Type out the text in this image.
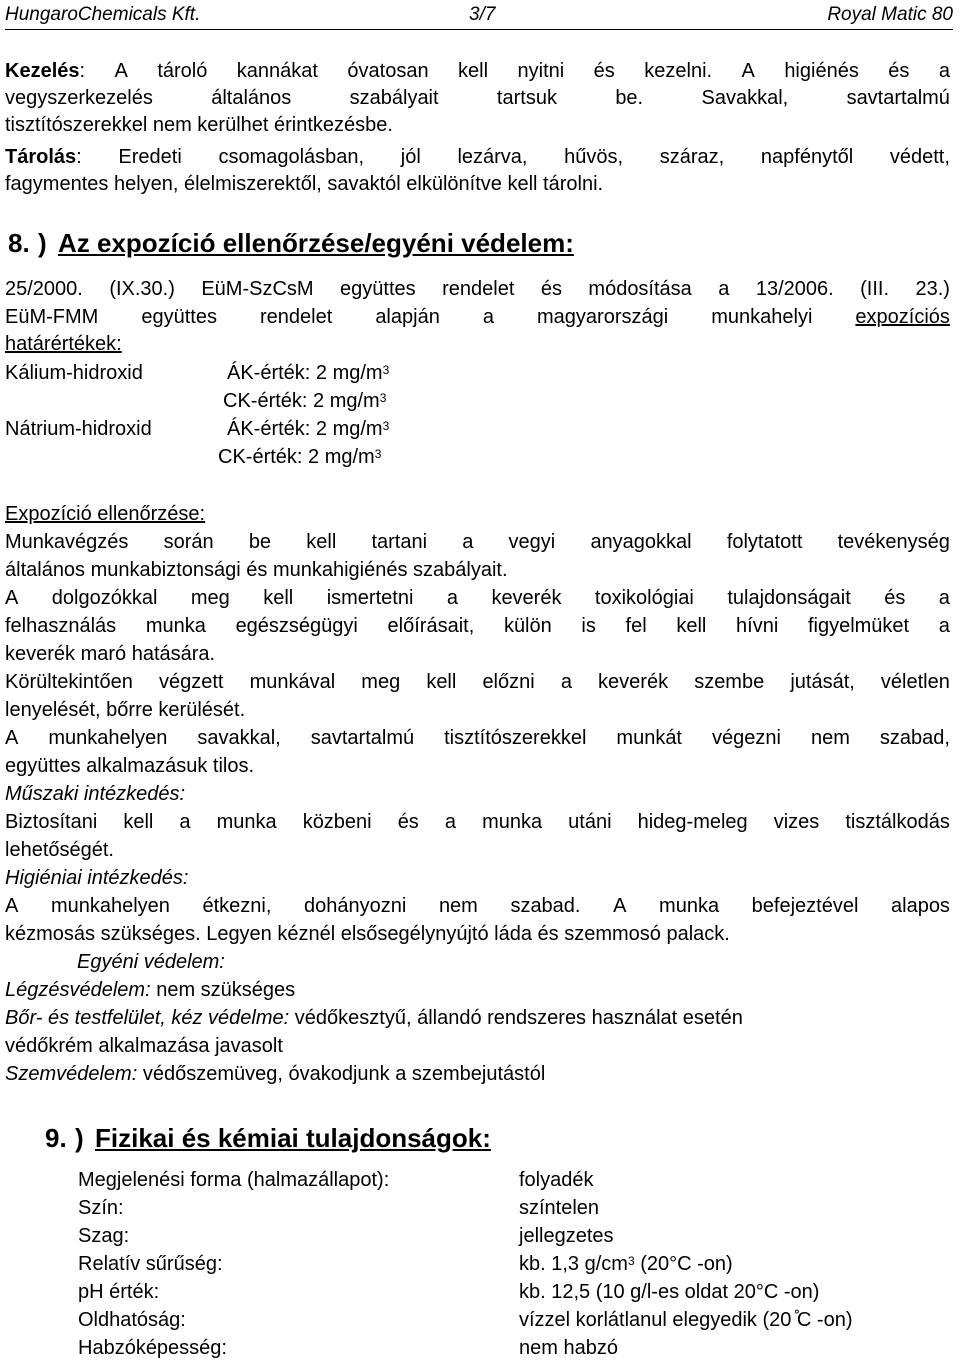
HungaroChemicals Kft.	3/7	Royal Matic 80
Kezelés: A tároló kannákat óvatosan kell nyitni és kezelni. A higiénés és a
vegyszerkezelés	általános	szabályait	tartsuk	be.	Savakkal,	savtartalmú
tisztítószerekkel nem kerülhet érintkezésbe.
Tárolás: Eredeti csomagolásban, jól lezárva, hűvös, száraz, napfénytől védett,
fagymentes helyen, élelmiszerektől, savaktól elkülönítve kell tárolni.
8. ) Az expozíció ellenőrzése/egyéni védelem:
25/2000. (IX.30.) EüM-SzCsM együttes rendelet és módosítása a 13/2006. (III. 23.)
EüM-FMM együttes rendelet alapján a magyarországi munkahelyi expozíciós
határértékek:
Kálium-hidroxid	ÁK-érték: 2 $mg/m^3$
CK-érték: 2 $mg/m^3$
Nátrium-hidroxid	ÁK-érték: 2 $mg/m^3$
CK-érték: 2 $mg/m^3$
Expozíció ellenőrzése:
Munkavégzés során be kell tartani a vegyi anyagokkal folytatott tevékenység
általános munkabiztonsági és munkahigiénés szabályait.
A dolgozókkal meg kell ismertetni a keverék toxikológiai tulajdonságait és a
felhasználás munka egészségügyi előírásait, külön is fel kell hívni figyelmüket a
keverék maró hatására.
Körültekintően végzett munkával meg kell előzni a keverék szembe jutását, véletlen
lenyelését, bőrre kerülését.
A munkahelyen savakkal, savtartalmú tisztítószerekkel munkát végezni nem szabad,
együttes alkalmazásuk tilos.
Műszaki intézkedés:
Biztosítani kell a munka közbeni és a munka utáni hideg-meleg vizes tisztálkodás
lehetőségét.
Higiéniai intézkedés:
A munkahelyen étkezni, dohányozni nem szabad. A munka befejeztével alapos
kézmosás szükséges. Legyen kéznél elsősegélynyújtó láda és szemmosó palack.
Egyéni védelem:
Légzésvédelem: nem szükséges
Bőr- és testfelület, kéz védelme: védőkesztyű, állandó rendszeres használat esetén
védőkrém alkalmazása javasolt
Szemvédelem: védőszemüveg, óvakodjunk a szembejutástól
9. ) Fizikai és kémiai tulajdonságok:
Megjelenési forma (halmazállapot):	folyadék
Szín:	színtelen
Szag:	jellegzetes
Relatív sűrűség:	kb. 1,3 $g/cm^3$ (20°C -on)
pH érték:	kb. 12,5 (10 g/l-es oldat 20°C -on)
Oldhatóság:	vízzel korlátlanul elegyedik (20 ̊C -on)
Habzóképesség:	nem habzó
